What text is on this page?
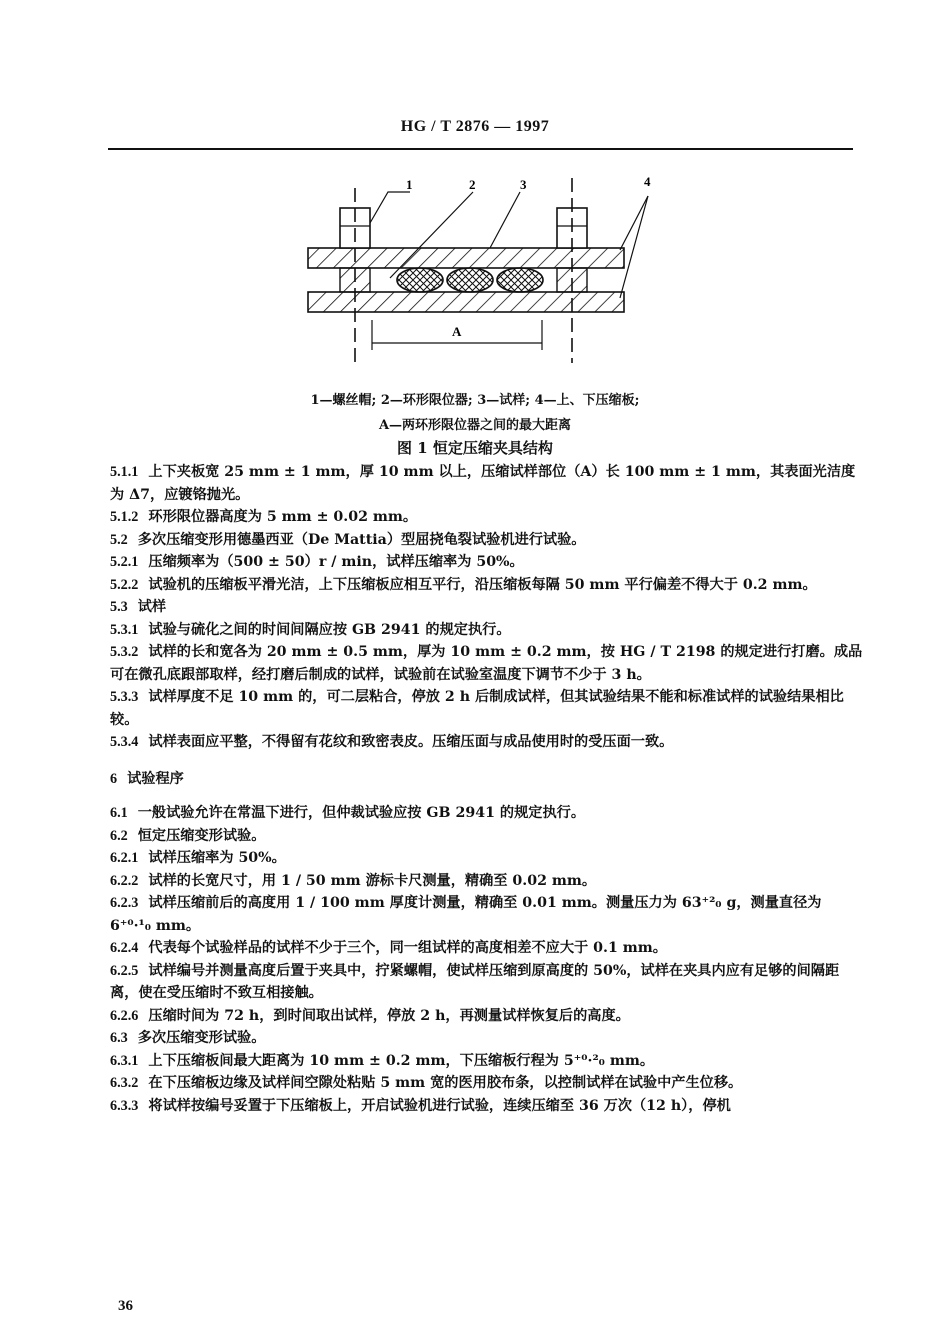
HG / T 2876 — 1997
1	2	3	4
A
1—螺丝帽; 2—环形限位器; 3—试样; 4—上、下压缩板;
A—两环形限位器之间的最大距离
图 1 恒定压缩夹具结构

5.1.1 上下夹板宽 25 mm ± 1 mm，厚 10 mm 以上，压缩试样部位（A）长 100 mm ± 1 mm，其表面光洁度为 Δ7，应镀铬抛光。

5.1.2 环形限位器高度为 5 mm ± 0.02 mm。

5.2 多次压缩变形用德墨西亚（De Mattia）型屈挠龟裂试验机进行试验。

5.2.1 压缩频率为（500 ± 50）r / min，试样压缩率为 50%。

5.2.2 试验机的压缩板平滑光洁，上下压缩板应相互平行，沿压缩板每隔 50 mm 平行偏差不得大于 0.2 mm。

5.3 试样

5.3.1 试验与硫化之间的时间间隔应按 GB 2941 的规定执行。

5.3.2 试样的长和宽各为 20 mm ± 0.5 mm，厚为 10 mm ± 0.2 mm，按 HG / T 2198 的规定进行打磨。成品可在微孔底跟部取样，经打磨后制成的试样，试验前在试验室温度下调节不少于 3 h。

5.3.3 试样厚度不足 10 mm 的，可二层粘合，停放 2 h 后制成试样，但其试验结果不能和标准试样的试验结果相比较。

5.3.4 试样表面应平整，不得留有花纹和致密表皮。压缩压面与成品使用时的受压面一致。

6 试验程序

6.1 一般试验允许在常温下进行，但仲裁试验应按 GB 2941 的规定执行。

6.2 恒定压缩变形试验。

6.2.1 试样压缩率为 50%。

6.2.2 试样的长宽尺寸，用 1 / 50 mm 游标卡尺测量，精确至 0.02 mm。

6.2.3 试样压缩前后的高度用 1 / 100 mm 厚度计测量，精确至 0.01 mm。测量压力为 63⁺²₀ g，测量直径为 6⁺⁰·¹₀ mm。

6.2.4 代表每个试验样品的试样不少于三个，同一组试样的高度相差不应大于 0.1 mm。

6.2.5 试样编号并测量高度后置于夹具中，拧紧螺帽，使试样压缩到原高度的 50%，试样在夹具内应有足够的间隔距离，使在受压缩时不致互相接触。

6.2.6 压缩时间为 72 h，到时间取出试样，停放 2 h，再测量试样恢复后的高度。

6.3 多次压缩变形试验。

6.3.1 上下压缩板间最大距离为 10 mm ± 0.2 mm，下压缩板行程为 5⁺⁰·²₀ mm。

6.3.2 在下压缩板边缘及试样间空隙处粘贴 5 mm 宽的医用胶布条，以控制试样在试验中产生位移。

6.3.3 将试样按编号妥置于下压缩板上，开启试验机进行试验，连续压缩至 36 万次（12 h），停机

36
